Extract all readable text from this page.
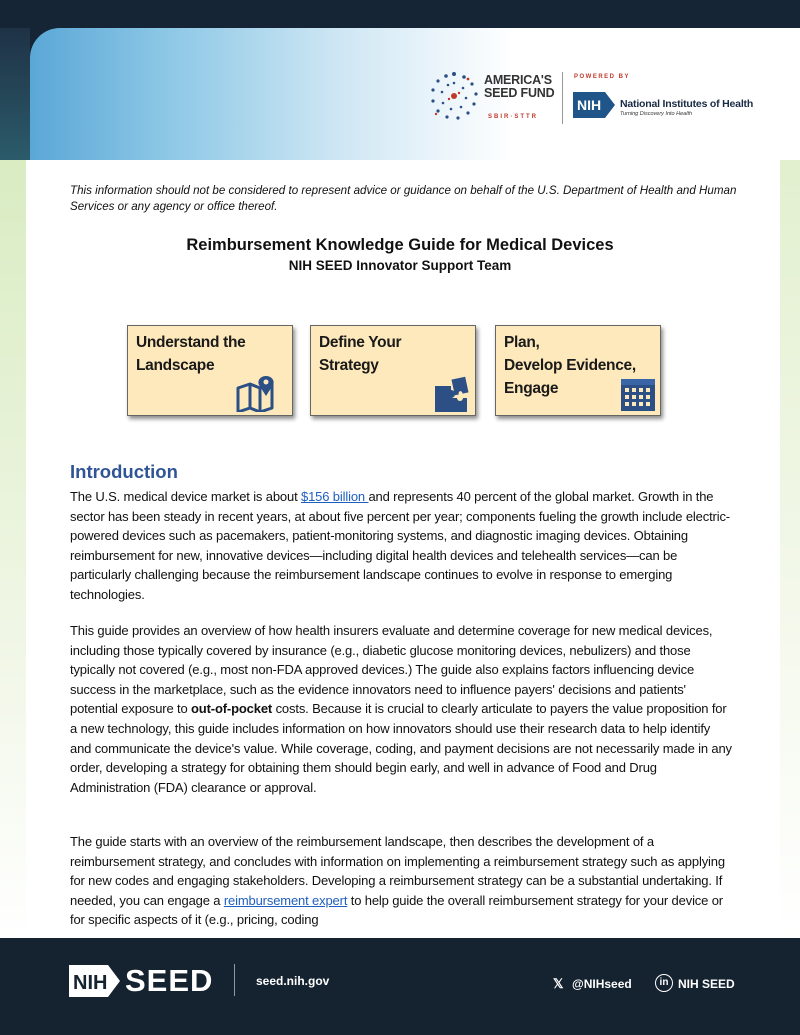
AMERICA'S
SEED FUND
SBIR·STTR
POWERED BY
NIH National Institutes of Health
Turning Discovery Into Health

This information should not be considered to represent advice or guidance on behalf of the U.S. Department of Health and Human Services or any agency or office thereof.

Reimbursement Knowledge Guide for Medical Devices
NIH SEED Innovator Support Team
Understand the
Landscape
Define Your
Strategy
Plan,
Develop Evidence,
Engage
Introduction

The U.S. medical device market is about $156 billion and represents 40 percent of the global market. Growth in the sector has been steady in recent years, at about five percent per year; components fueling the growth include electric-powered devices such as pacemakers, patient-monitoring systems, and diagnostic imaging devices. Obtaining reimbursement for new, innovative devices—including digital health devices and telehealth services—can be particularly challenging because the reimbursement landscape continues to evolve in response to emerging technologies.

This guide provides an overview of how health insurers evaluate and determine coverage for new medical devices, including those typically covered by insurance (e.g., diabetic glucose monitoring devices, nebulizers) and those typically not covered (e.g., most non-FDA approved devices.) The guide also explains factors influencing device success in the marketplace, such as the evidence innovators need to influence payers' decisions and patients' potential exposure to out-of-pocket costs. Because it is crucial to clearly articulate to payers the value proposition for a new technology, this guide includes information on how innovators should use their research data to help identify and communicate the device's value. While coverage, coding, and payment decisions are not necessarily made in any order, developing a strategy for obtaining them should begin early, and well in advance of Food and Drug Administration (FDA) clearance or approval.

The guide starts with an overview of the reimbursement landscape, then describes the development of a reimbursement strategy, and concludes with information on implementing a reimbursement strategy such as applying for new codes and engaging stakeholders. Developing a reimbursement strategy can be a substantial undertaking. If needed, you can engage a reimbursement expert to help guide the overall reimbursement strategy for your device or for specific aspects of it (e.g., pricing, coding

NIH SEED	seed.nih.gov	𝕏 @NIHseed	in NIH SEED
